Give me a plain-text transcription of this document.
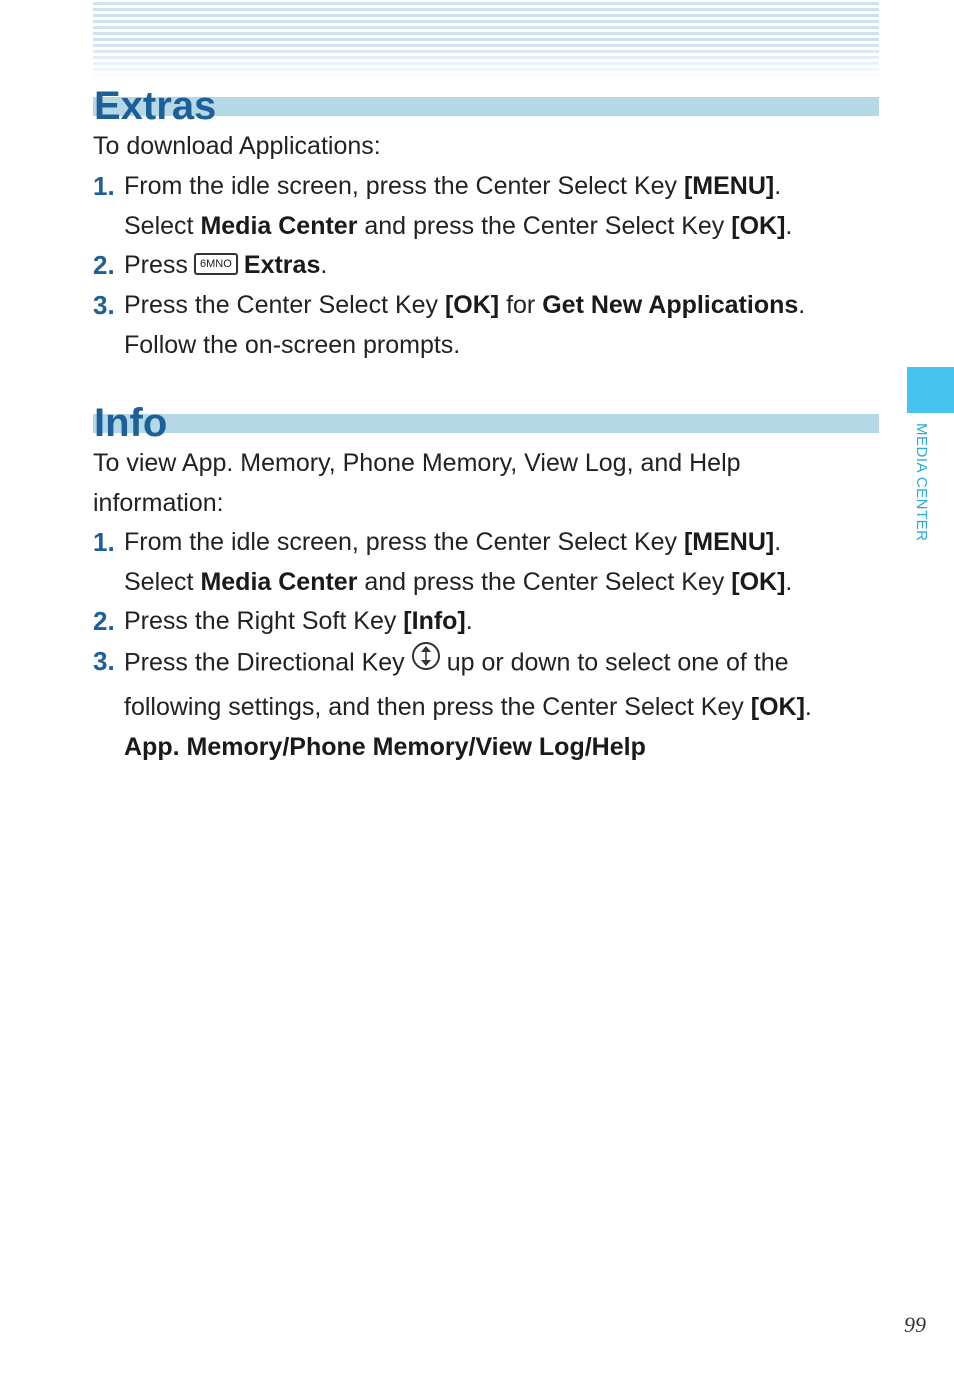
Extras
To download Applications:
1. From the idle screen, press the Center Select Key [MENU].
Select Media Center and press the Center Select Key [OK].
2. Press 6MNO Extras.
3. Press the Center Select Key [OK] for Get New Applications.
Follow the on-screen prompts.
Info
To view App. Memory, Phone Memory, View Log, and Help
information:
1. From the idle screen, press the Center Select Key [MENU].
Select Media Center and press the Center Select Key [OK].
2. Press the Right Soft Key [Info].
3. Press the Directional Key up or down to select one of the
following settings, and then press the Center Select Key [OK].
App. Memory/Phone Memory/View Log/Help
MEDIA CENTER
99
